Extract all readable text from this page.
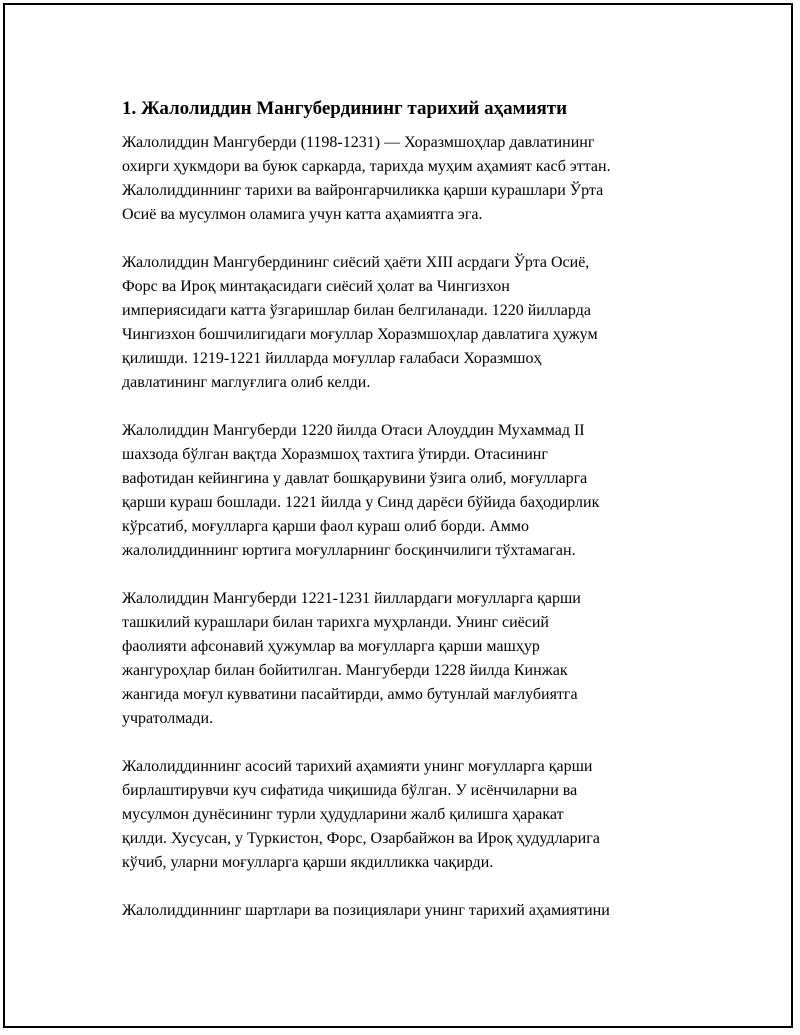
1. Жалолиддин Мангубердининг тарихий аҳамияти
Жалолиддин Мангуберди (1198-1231) — Хоразмшоҳлар давлатининг
охирги ҳукмдори ва буюк саркарда, тарихда муҳим аҳамият касб эттан.
Жалолиддиннинг тарихи ва вайронгарчиликка қарши курашлари Ўрта
Осиё ва мусулмон оламига учун катта аҳамиятга эга.
Жалолиддин Мангубердининг сиёсий ҳаёти XIII асрдаги Ўрта Осиё,
Форс ва Ироқ минтақасидаги сиёсий ҳолат ва Чингизхон
империясидаги катта ўзгаришлар билан белгиланади. 1220 йилларда
Чингизхон бошчилигидаги моғуллар Хоразмшоҳлар давлатига ҳужум
қилишди. 1219-1221 йилларда моғуллар ғалабаси Хоразмшоҳ
давлатининг маглуғлига олиб келди.
Жалолиддин Мангуберди 1220 йилда Отаси Алоуддин Мухаммад II
шахзода бўлган вақтда Хоразмшоҳ тахтига ўтирди. Отасининг
вафотидан кейингина у давлат бошқарувини ўзига олиб, моғулларга
қарши кураш бошлади. 1221 йилда у Синд дарёси бўйида баҳодирлик
кўрсатиб, моғулларга қарши фаол кураш олиб борди. Аммо
жалолиддиннинг юртига моғулларнинг босқинчилиги тўхтамаган.
Жалолиддин Мангуберди 1221-1231 йиллардаги моғулларга қарши
ташкилий курашлари билан тарихга муҳрланди. Унинг сиёсий
фаолияти афсонавий ҳужумлар ва моғулларга қарши машҳур
жангуроҳлар билан бойитилган. Мангуберди 1228 йилда Кинжак
жангида моғул кувватини пасайтирди, аммо бутунлай мағлубиятга
учратолмади.
Жалолиддиннинг асосий тарихий аҳамияти унинг моғулларга қарши
бирлаштирувчи куч сифатида чиқишида бўлган. У исёнчиларни ва
мусулмон дунёсининг турли ҳудудларини жалб қилишга ҳаракат
қилди. Хусусан, у Туркистон, Форс, Озарбайжон ва Ироқ ҳудудларига
кўчиб, уларни моғулларга қарши якдилликка чақирди.
Жалолиддиннинг шартлари ва позициялари унинг тарихий аҳамиятини
